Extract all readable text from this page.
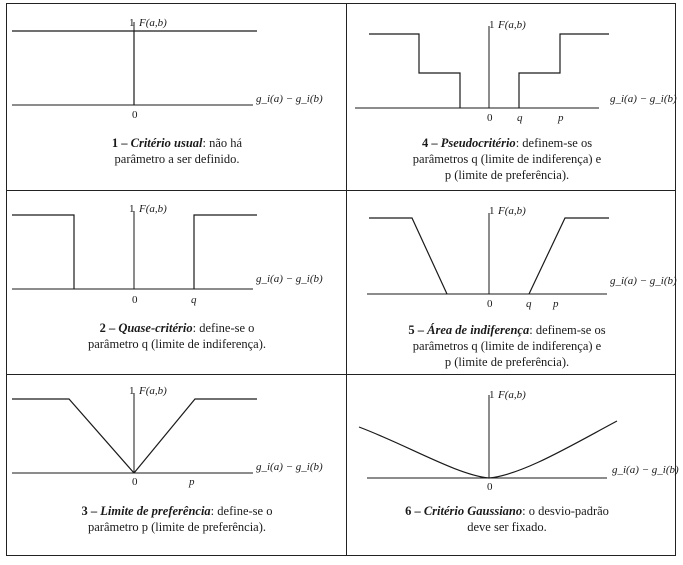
1 F(a,b)
0
g_i(a) − g_i(b)
1 – Critério usual: não há
parâmetro a ser definido.
1 F(a,b)
0 q	p
g_i(a) − g_i(b)
4 – Pseudocritério: definem-se os
parâmetros q (limite de indiferença) e
p (limite de preferência).
1 F(a,b)
0	q
g_i(a) − g_i(b)
2 – Quase-critério: define-se o
parâmetro q (limite de indiferença).
1 F(a,b)
0	q p
g_i(a) − g_i(b)
5 – Área de indiferença: definem-se os
parâmetros q (limite de indiferença) e
p (limite de preferência).
1 F(a,b)
0	p
g_i(a) − g_i(b)
3 – Limite de preferência: define-se o
parâmetro p (limite de preferência).
1 F(a,b)
0
g_i(a) − g_i(b)
6 – Critério Gaussiano: o desvio-padrão
deve ser fixado.
